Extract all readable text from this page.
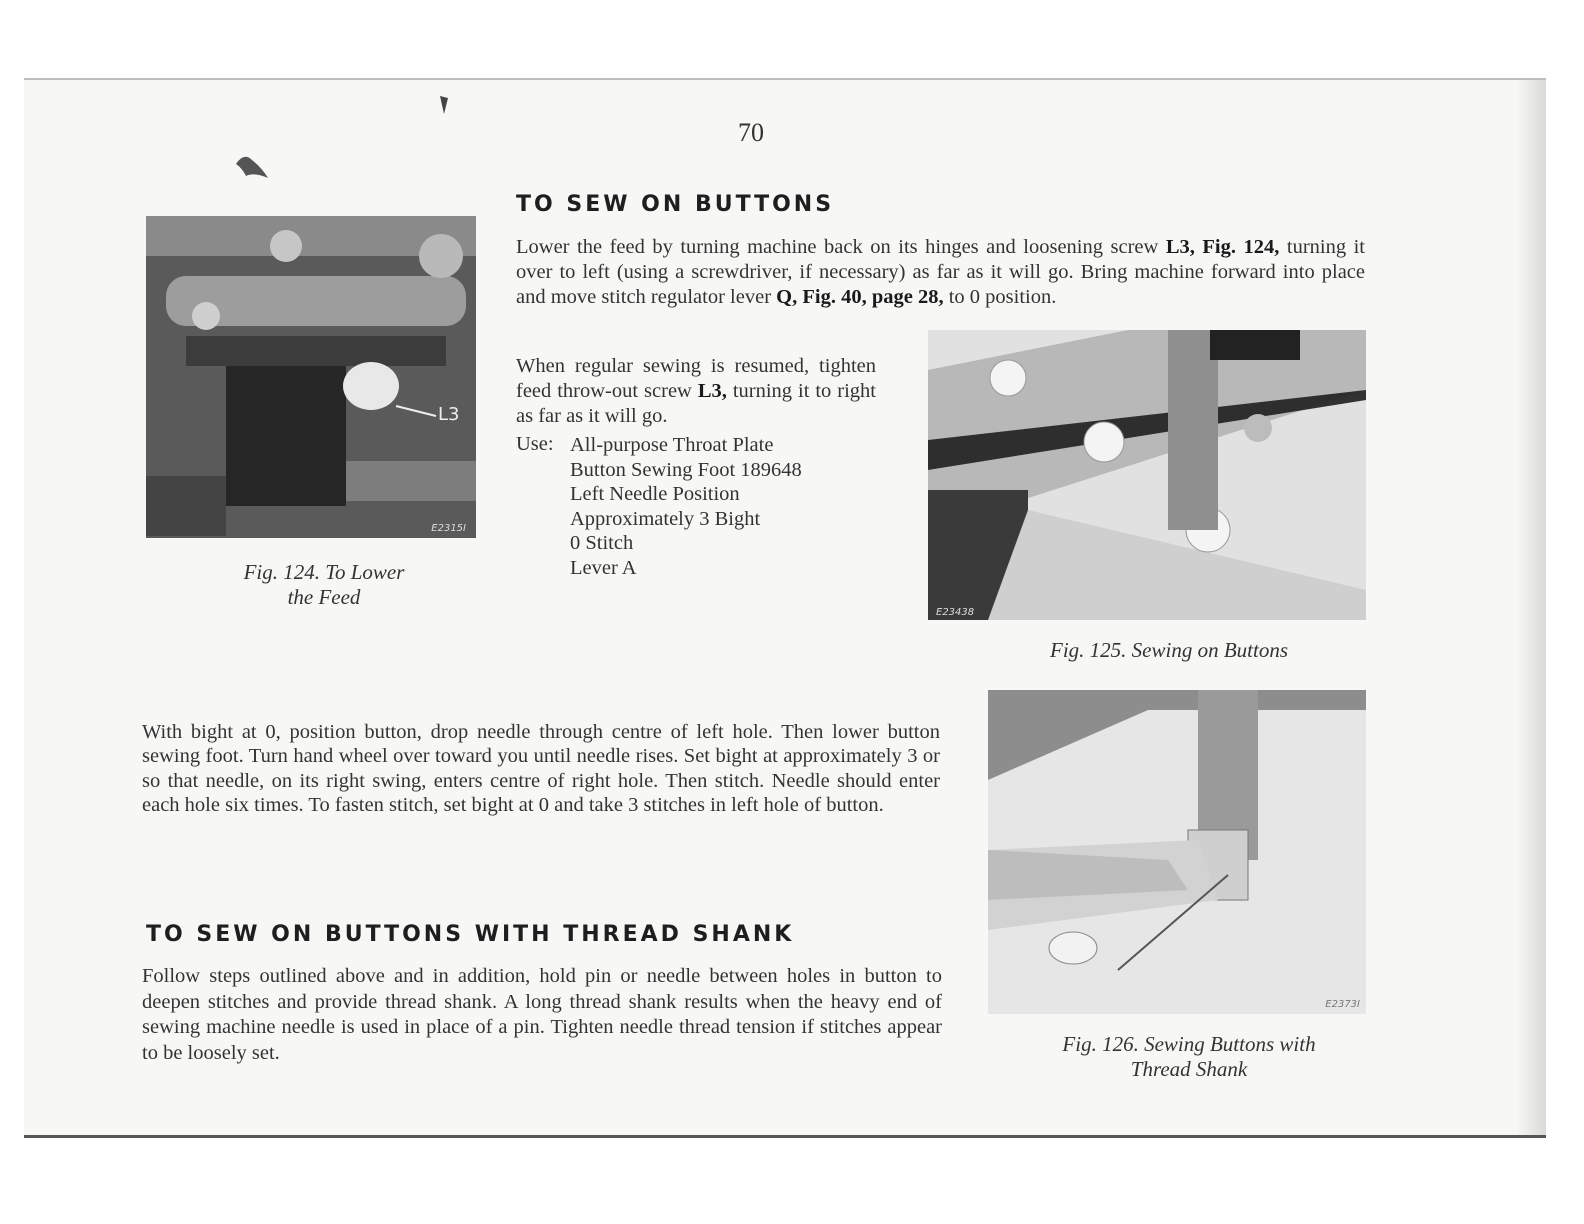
70
TO SEW ON BUTTONS

Lower the feed by turning machine back on its hinges and loosening screw L3, Fig. 124, turning it over to left (using a screwdriver, if necessary) as far as it will go. Bring machine forward into place and move stitch regulator lever Q, Fig. 40, page 28, to 0 position.

When regular sewing is resumed, tighten feed throw-out screw L3, turning it to right as far as it will go.

Use: All-purpose Throat Plate
Button Sewing Foot 189648
Left Needle Position
Approximately 3 Bight
0 Stitch
Lever A
L3
E2315I
Fig. 124. To Lower
the Feed
E23438
Fig. 125. Sewing on Buttons

With bight at 0, position button, drop needle through centre of left hole. Then lower button sewing foot. Turn hand wheel over toward you until needle rises. Set bight at approximately 3 or so that needle, on its right swing, enters centre of right hole. Then stitch. Needle should enter each hole six times. To fasten stitch, set bight at 0 and take 3 stitches in left hole of button.

E2373I
Fig. 126. Sewing Buttons with
Thread Shank
TO SEW ON BUTTONS WITH THREAD SHANK

Follow steps outlined above and in addition, hold pin or needle between holes in button to deepen stitches and provide thread shank. A long thread shank results when the heavy end of sewing machine needle is used in place of a pin. Tighten needle thread tension if stitches appear to be loosely set.
